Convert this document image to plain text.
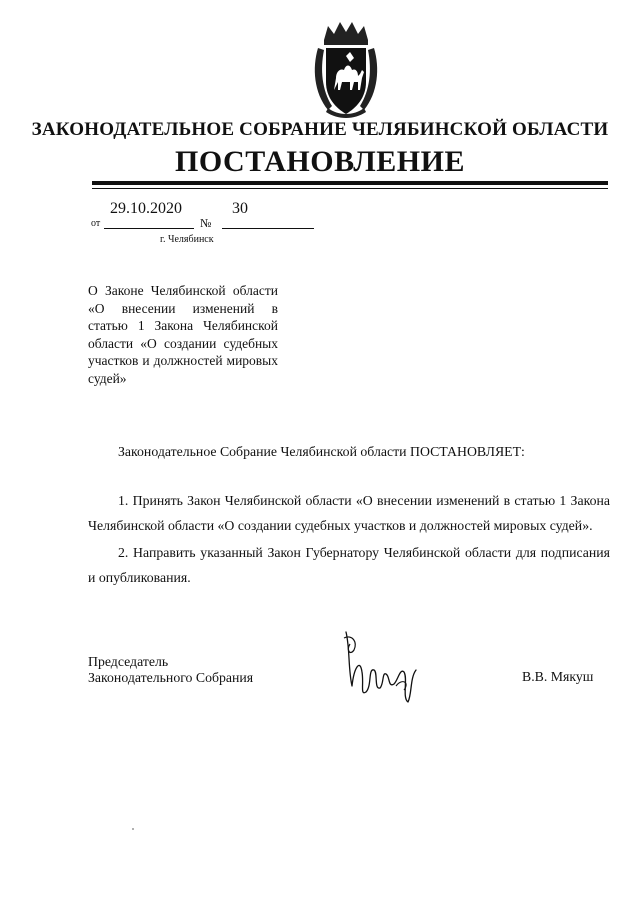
ЗАКОНОДАТЕЛЬНОЕ СОБРАНИЕ ЧЕЛЯБИНСКОЙ ОБЛАСТИ
ПОСТАНОВЛЕНИЕ
29.10.2020	30
от	№
г. Челябинск
О Законе Челябинской области «О внесении изменений в статью 1 Закона Челябинской области «О создании судебных участков и должностей мировых судей»
Законодательное Собрание Челябинской области ПОСТАНОВЛЯЕТ:
1. Принять Закон Челябинской области «О внесении изменений в статью 1 Закона Челябинской области «О создании судебных участков и должностей мировых судей».
2. Направить указанный Закон Губернатору Челябинской области для подписания и опубликования.
Председатель
Законодательного Собрания	В.В. Мякуш
